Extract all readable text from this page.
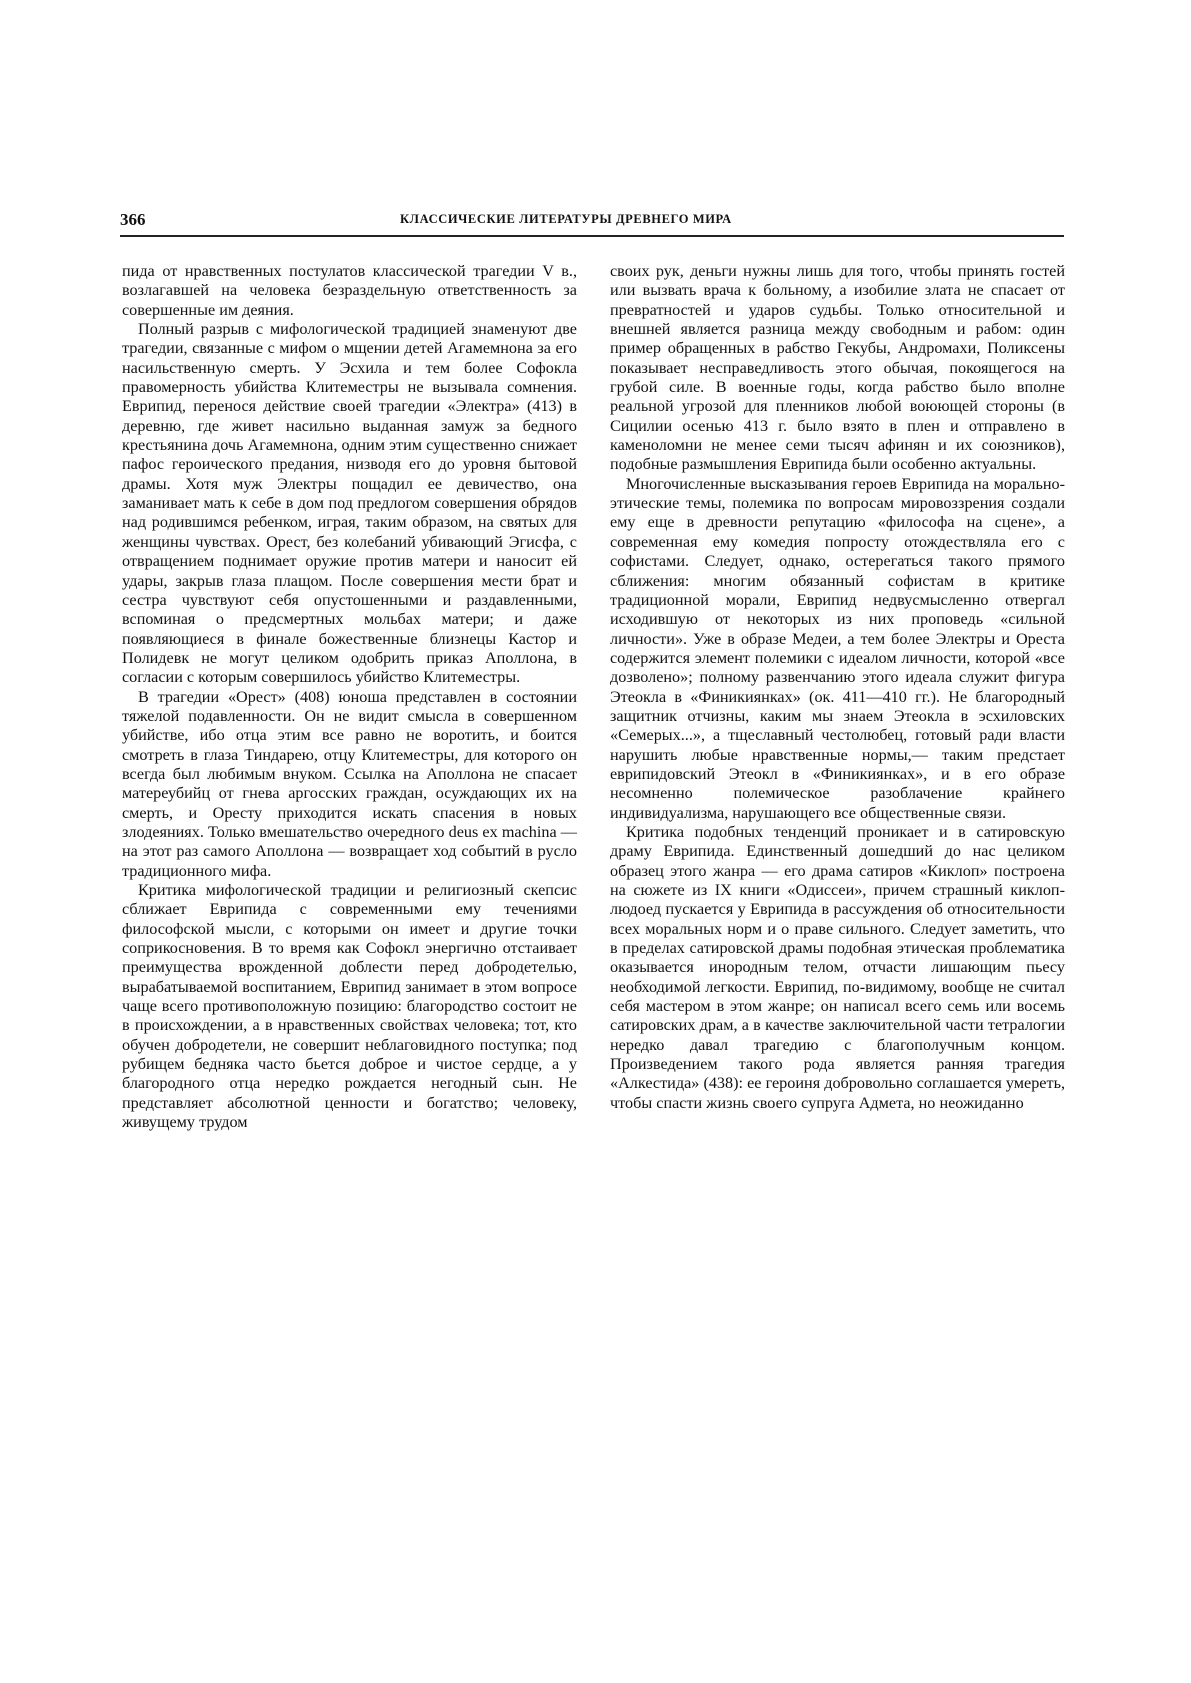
366	КЛАССИЧЕСКИЕ ЛИТЕРАТУРЫ ДРЕВНЕГО МИРА

пида от нравственных постулатов классической трагедии V в., возлагавшей на человека безраздельную ответственность за совершенные им деяния.

Полный разрыв с мифологической традицией знаменуют две трагедии, связанные с мифом о мщении детей Агамемнона за его насильственную смерть. У Эсхила и тем более Софокла правомерность убийства Клитеместры не вызывала сомнения. Еврипид, перенося действие своей трагедии «Электра» (413) в деревню, где живет насильно выданная замуж за бедного крестьянина дочь Агамемнона, одним этим существенно снижает пафос героического предания, низводя его до уровня бытовой драмы. Хотя муж Электры пощадил ее девичество, она заманивает мать к себе в дом под предлогом совершения обрядов над родившимся ребенком, играя, таким образом, на святых для женщины чувствах. Орест, без колебаний убивающий Эгисфа, с отвращением поднимает оружие против матери и наносит ей удары, закрыв глаза плащом. После совершения мести брат и сестра чувствуют себя опустошенными и раздавленными, вспоминая о предсмертных мольбах матери; и даже появляющиеся в финале божественные близнецы Кастор и Полидевк не могут целиком одобрить приказ Аполлона, в согласии с которым совершилось убийство Клитеместры.

В трагедии «Орест» (408) юноша представлен в состоянии тяжелой подавленности. Он не видит смысла в совершенном убийстве, ибо отца этим все равно не воротить, и боится смотреть в глаза Тиндарею, отцу Клитеместры, для которого он всегда был любимым внуком. Ссылка на Аполлона не спасает матереубийц от гнева аргосских граждан, осуждающих их на смерть, и Оресту приходится искать спасения в новых злодеяниях. Только вмешательство очередного deus ex machina — на этот раз самого Аполлона — возвращает ход событий в русло традиционного мифа.

Критика мифологической традиции и религиозный скепсис сближает Еврипида с современными ему течениями философской мысли, с которыми он имеет и другие точки соприкосновения. В то время как Софокл энергично отстаивает преимущества врожденной доблести перед добродетелью, вырабатываемой воспитанием, Еврипид занимает в этом вопросе чаще всего противоположную позицию: благородство состоит не в происхождении, а в нравственных свойствах человека; тот, кто обучен добродетели, не совершит неблаговидного поступка; под рубищем бедняка часто бьется доброе и чистое сердце, а у благородного отца нередко рождается негодный сын. Не представляет абсолютной ценности и богатство; человеку, живущему трудом

своих рук, деньги нужны лишь для того, чтобы принять гостей или вызвать врача к больному, а изобилие злата не спасает от превратностей и ударов судьбы. Только относительной и внешней является разница между свободным и рабом: один пример обращенных в рабство Гекубы, Андромахи, Поликсены показывает несправедливость этого обычая, покоящегося на грубой силе. В военные годы, когда рабство было вполне реальной угрозой для пленников любой воюющей стороны (в Сицилии осенью 413 г. было взято в плен и отправлено в каменоломни не менее семи тысяч афинян и их союзников), подобные размышления Еврипида были особенно актуальны.

Многочисленные высказывания героев Еврипида на морально-этические темы, полемика по вопросам мировоззрения создали ему еще в древности репутацию «философа на сцене», а современная ему комедия попросту отождествляла его с софистами. Следует, однако, остерегаться такого прямого сближения: многим обязанный софистам в критике традиционной морали, Еврипид недвусмысленно отвергал исходившую от некоторых из них проповедь «сильной личности». Уже в образе Медеи, а тем более Электры и Ореста содержится элемент полемики с идеалом личности, которой «все дозволено»; полному развенчанию этого идеала служит фигура Этеокла в «Финикиянках» (ок. 411—410 гг.). Не благородный защитник отчизны, каким мы знаем Этеокла в эсхиловских «Семерых...», а тщеславный честолюбец, готовый ради власти нарушить любые нравственные нормы,— таким предстает еврипидовский Этеокл в «Финикиянках», и в его образе несомненно полемическое разоблачение крайнего индивидуализма, нарушающего все общественные связи.

Критика подобных тенденций проникает и в сатировскую драму Еврипида. Единственный дошедший до нас целиком образец этого жанра — его драма сатиров «Киклоп» построена на сюжете из IX книги «Одиссеи», причем страшный киклоп-людоед пускается у Еврипида в рассуждения об относительности всех моральных норм и о праве сильного. Следует заметить, что в пределах сатировской драмы подобная этическая проблематика оказывается инородным телом, отчасти лишающим пьесу необходимой легкости. Еврипид, по-видимому, вообще не считал себя мастером в этом жанре; он написал всего семь или восемь сатировских драм, а в качестве заключительной части тетралогии нередко давал трагедию с благополучным концом. Произведением такого рода является ранняя трагедия «Алкестида» (438): ее героиня добровольно соглашается умереть, чтобы спасти жизнь своего супруга Адмета, но неожиданно
